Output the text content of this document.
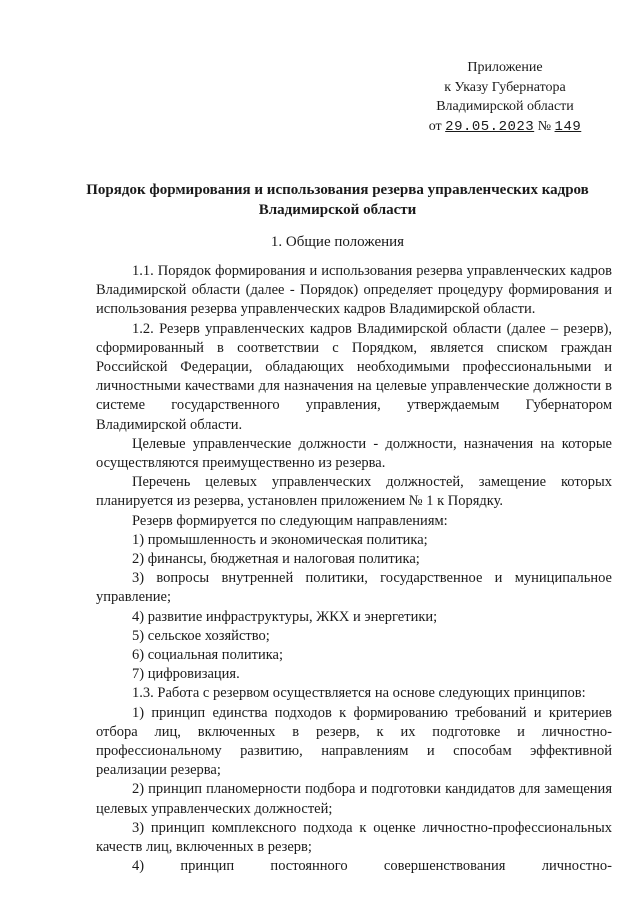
Приложение
к Указу Губернатора
Владимирской области
от 29.05.2023 № 149
Порядок формирования и использования резерва управленческих кадров
Владимирской области
1. Общие положения

1.1. Порядок формирования и использования резерва управленческих кадров Владимирской области (далее - Порядок) определяет процедуру формирования и использования резерва управленческих кадров Владимирской области.

1.2. Резерв управленческих кадров Владимирской области (далее – резерв), сформированный в соответствии с Порядком, является списком граждан Российской Федерации, обладающих необходимыми профессиональными и личностными качествами для назначения на целевые управленческие должности в системе государственного управления, утверждаемым Губернатором Владимирской области.

Целевые управленческие должности - должности, назначения на которые осуществляются преимущественно из резерва.

Перечень целевых управленческих должностей, замещение которых планируется из резерва, установлен приложением № 1 к Порядку.

Резерв формируется по следующим направлениям:

1) промышленность и экономическая политика;

2) финансы, бюджетная и налоговая политика;

3) вопросы внутренней политики, государственное и муниципальное управление;

4) развитие инфраструктуры, ЖКХ и энергетики;

5) сельское хозяйство;

6) социальная политика;

7) цифровизация.

1.3. Работа с резервом осуществляется на основе следующих принципов:

1) принцип единства подходов к формированию требований и критериев отбора лиц, включенных в резерв, к их подготовке и личностно-профессиональному развитию, направлениям и способам эффективной реализации резерва;

2) принцип планомерности подбора и подготовки кандидатов для замещения целевых управленческих должностей;

3) принцип комплексного подхода к оценке личностно-профессиональных качеств лиц, включенных в резерв;

4) принцип постоянного совершенствования личностно-
